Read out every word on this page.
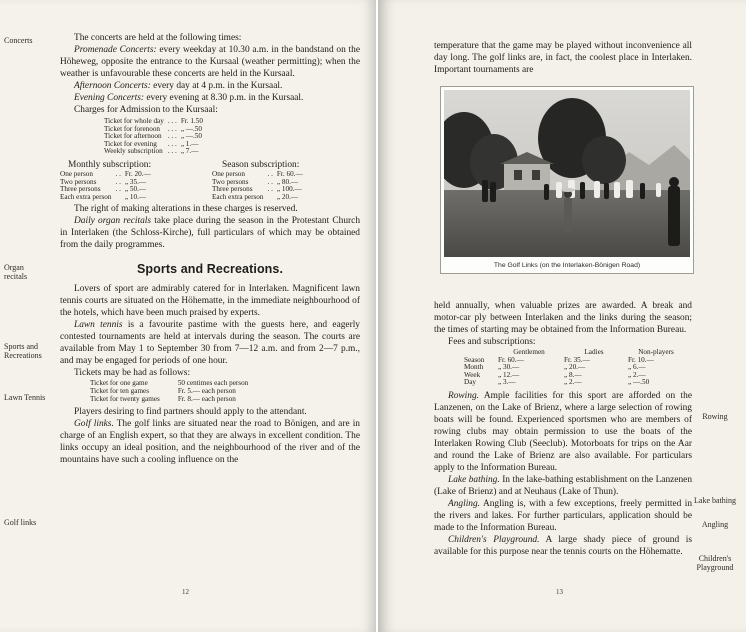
Concerts
Organ recitals
Sports and Recreations
Lawn Tennis
Golf links

The concerts are held at the following times:

Promenade Concerts: every weekday at 10.30 a.m. in the bandstand on the Höheweg, opposite the entrance to the Kursaal (weather permitting); when the weather is unfavourable these concerts are held in the Kursaal.

Afternoon Concerts: every day at 4 p.m. in the Kursaal.

Evening Concerts: every evening at 8.30 p.m. in the Kursaal.

Charges for Admission to the Kursaal:

Ticket for whole day	. . .	Fr. 1.50
Ticket for forenoon	. . .	„ —.50
Ticket for afternoon	. . .	„ —.50
Ticket for evening	. . .	„ 1.—
Weekly subscription	. . .	„ 7.—

Monthly subscription:

One person	. .	Fr. 20.—
Two persons	. .	„ 35.—
Three persons	. .	„ 50.—
Each extra person		„ 10.—

Season subscription:

One person	. .	Fr. 60.—
Two persons	. .	„ 80.—
Three persons	. .	„ 100.—
Each extra person		„ 20.—

The right of making alterations in these charges is reserved.

Daily organ recitals take place during the season in the Protestant Church in Interlaken (the Schloss-Kirche), full particulars of which may be obtained from the daily programmes.

Sports and Recreations.

Lovers of sport are admirably catered for in Interlaken. Magnificent lawn tennis courts are situated on the Höhematte, in the immediate neighbourhood of the hotels, which have been much praised by experts.

Lawn tennis is a favourite pastime with the guests here, and eagerly contested tournaments are held at intervals during the season. The courts are available from May 1 to September 30 from 7—12 a.m. and from 2—7 p.m., and may be engaged for periods of one hour.

Tickets may be had as follows:

Ticket for one game	50 centimes each person
Ticket for ten games	Fr. 5.— each person
Ticket for twenty games	Fr. 8.— each person

Players desiring to find partners should apply to the attendant.

Golf links. The golf links are situated near the road to Bönigen, and are in charge of an English expert, so that they are always in excellent condition. The links occupy an ideal position, and the neighbourhood of the river and of the mountains have such a cooling influence on the

12
Rowing
Lake bathing
Angling
Children's Playground

temperature that the game may be played without inconvenience all day long. The golf links are, in fact, the coolest place in Interlaken. Important tournaments are

The Golf Links (on the Interlaken-Bönigen Road)

held annually, when valuable prizes are awarded. A break and motor-car ply between Interlaken and the links during the season; the times of starting may be obtained from the Information Bureau.

Fees and subscriptions:

	Gentlemen	Ladies	Non-players
Season	Fr. 60.—	Fr. 35.—	Fr. 10.—
Month	„ 30.—	„ 20.—	„ 6.—
Week	„ 12.—	„ 8.—	„ 2.—
Day	„ 3.—	„ 2.—	„ —.50

Rowing. Ample facilities for this sport are afforded on the Lanzenen, on the Lake of Brienz, where a large selection of rowing boats will be found. Experienced sportsmen who are members of rowing clubs may obtain permission to use the boats of the Interlaken Rowing Club (Seeclub). Motorboats for trips on the Aar and round the Lake of Brienz are also available. For particulars apply to the Information Bureau.

Lake bathing. In the lake-bathing establishment on the Lanzenen (Lake of Brienz) and at Neuhaus (Lake of Thun).

Angling. Angling is, with a few exceptions, freely permitted in the rivers and lakes. For further particulars, application should be made to the Information Bureau.

Children's Playground. A large shady piece of ground is available for this purpose near the tennis courts on the Höhematte.

13
